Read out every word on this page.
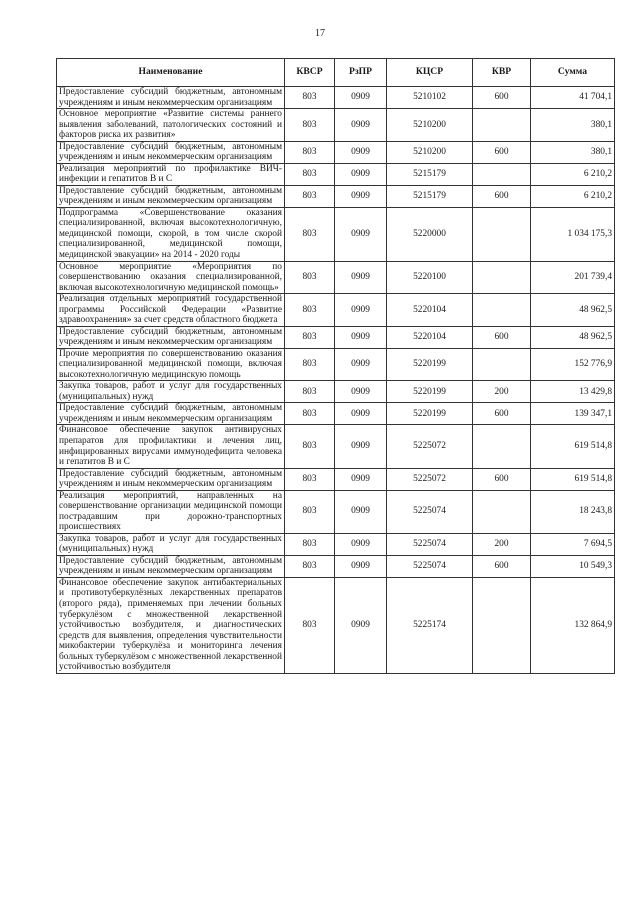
17
Наименование	КВСР	РзПР	КЦСР	КВР	Сумма
Предоставление субсидий бюджетным, автономным учреждениям и иным некоммерческим организациям	803	0909	5210102	600	41 704,1
Основное мероприятие «Развитие системы раннего выявления заболеваний, патологических состояний и факторов риска их развития»	803	0909	5210200		380,1
Предоставление субсидий бюджетным, автономным учреждениям и иным некоммерческим организациям	803	0909	5210200	600	380,1
Реализация мероприятий по профилактике ВИЧ-инфекции и гепатитов В и С	803	0909	5215179		6 210,2
Предоставление субсидий бюджетным, автономным учреждениям и иным некоммерческим организациям	803	0909	5215179	600	6 210,2
Подпрограмма «Совершенствование оказания специализированной, включая высокотехнологичную, медицинской помощи, скорой, в том числе скорой специализированной, медицинской помощи, медицинской эвакуации» на 2014 - 2020 годы	803	0909	5220000		1 034 175,3
Основное мероприятие «Мероприятия по совершенствованию оказания специализированной, включая высокотехнологичную медицинской помощь»	803	0909	5220100		201 739,4
Реализация отдельных мероприятий государственной программы Российской Федерации «Развитие здравоохранения» за счет средств областного бюджета	803	0909	5220104		48 962,5
Предоставление субсидий бюджетным, автономным учреждениям и иным некоммерческим организациям	803	0909	5220104	600	48 962,5
Прочие мероприятия по совершенствованию оказания специализированной медицинской помощи, включая высокотехнологичную медицинскую помощь	803	0909	5220199		152 776,9
Закупка товаров, работ и услуг для государственных (муниципальных) нужд	803	0909	5220199	200	13 429,8
Предоставление субсидий бюджетным, автономным учреждениям и иным некоммерческим организациям	803	0909	5220199	600	139 347,1
Финансовое обеспечение закупок антивирусных препаратов для профилактики и лечения лиц, инфицированных вирусами иммунодефицита человека и гепатитов В и С	803	0909	5225072		619 514,8
Предоставление субсидий бюджетным, автономным учреждениям и иным некоммерческим организациям	803	0909	5225072	600	619 514,8
Реализация мероприятий, направленных на совершенствование организации медицинской помощи пострадавшим при дорожно-транспортных происшествиях	803	0909	5225074		18 243,8
Закупка товаров, работ и услуг для государственных (муниципальных) нужд	803	0909	5225074	200	7 694,5
Предоставление субсидий бюджетным, автономным учреждениям и иным некоммерческим организациям	803	0909	5225074	600	10 549,3
Финансовое обеспечение закупок антибактериальных и противотуберкулёзных лекарственных препаратов (второго ряда), применяемых при лечении больных туберкулёзом с множественной лекарственной устойчивостью возбудителя, и диагностических средств для выявления, определения чувствительности микобактерии туберкулёза и мониторинга лечения больных туберкулёзом с множественной лекарственной устойчивостью возбудителя	803	0909	5225174		132 864,9
